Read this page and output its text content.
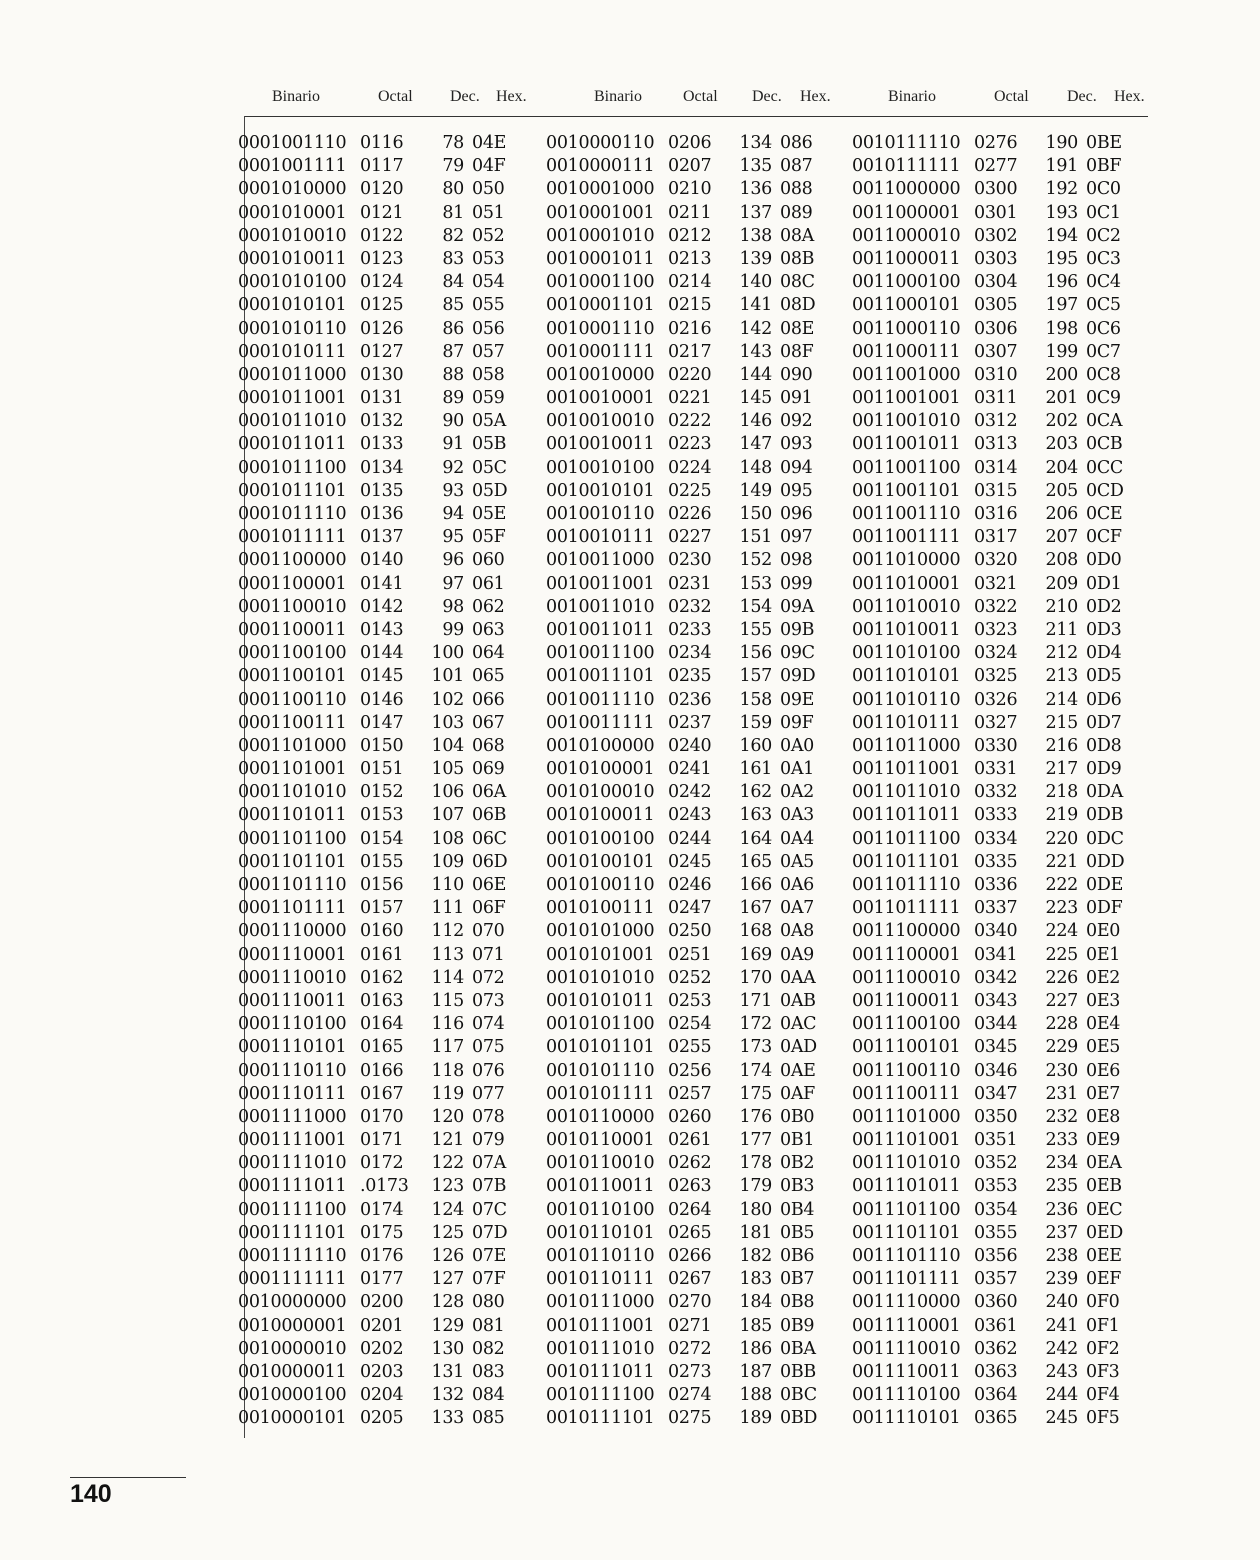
Binario	Octal Dec. Hex.	Binario	Octal Dec. Hex.	Binario	Octal Dec. Hex.
0001001110 0116 78 04E
0001001111 0117 79 04F
0001010000 0120 80 050
0001010001 0121 81 051
0001010010 0122 82 052
0001010011 0123 83 053
0001010100 0124 84 054
0001010101 0125 85 055
0001010110 0126 86 056
0001010111 0127 87 057
0001011000 0130 88 058
0001011001 0131 89 059
0001011010 0132 90 05A
0001011011 0133 91 05B
0001011100 0134 92 05C
0001011101 0135 93 05D
0001011110 0136 94 05E
0001011111 0137 95 05F
0001100000 0140 96 060
0001100001 0141 97 061
0001100010 0142 98 062
0001100011 0143 99 063
0001100100 0144 100 064
0001100101 0145 101 065
0001100110 0146 102 066
0001100111 0147 103 067
0001101000 0150 104 068
0001101001 0151 105 069
0001101010 0152 106 06A
0001101011 0153 107 06B
0001101100 0154 108 06C
0001101101 0155 109 06D
0001101110 0156 110 06E
0001101111 0157 111 06F
0001110000 0160 112 070
0001110001 0161 113 071
0001110010 0162 114 072
0001110011 0163 115 073
0001110100 0164 116 074
0001110101 0165 117 075
0001110110 0166 118 076
0001110111 0167 119 077
0001111000 0170 120 078
0001111001 0171 121 079
0001111010 0172 122 07A
0001111011 .0173 123 07B
0001111100 0174 124 07C
0001111101 0175 125 07D
0001111110 0176 126 07E
0001111111 0177 127 07F
0010000000 0200 128 080
0010000001 0201 129 081
0010000010 0202 130 082
0010000011 0203 131 083
0010000100 0204 132 084
0010000101 0205 133 085
0010000110 0206 134 086
0010000111 0207 135 087
0010001000 0210 136 088
0010001001 0211 137 089
0010001010 0212 138 08A
0010001011 0213 139 08B
0010001100 0214 140 08C
0010001101 0215 141 08D
0010001110 0216 142 08E
0010001111 0217 143 08F
0010010000 0220 144 090
0010010001 0221 145 091
0010010010 0222 146 092
0010010011 0223 147 093
0010010100 0224 148 094
0010010101 0225 149 095
0010010110 0226 150 096
0010010111 0227 151 097
0010011000 0230 152 098
0010011001 0231 153 099
0010011010 0232 154 09A
0010011011 0233 155 09B
0010011100 0234 156 09C
0010011101 0235 157 09D
0010011110 0236 158 09E
0010011111 0237 159 09F
0010100000 0240 160 0A0
0010100001 0241 161 0A1
0010100010 0242 162 0A2
0010100011 0243 163 0A3
0010100100 0244 164 0A4
0010100101 0245 165 0A5
0010100110 0246 166 0A6
0010100111 0247 167 0A7
0010101000 0250 168 0A8
0010101001 0251 169 0A9
0010101010 0252 170 0AA
0010101011 0253 171 0AB
0010101100 0254 172 0AC
0010101101 0255 173 0AD
0010101110 0256 174 0AE
0010101111 0257 175 0AF
0010110000 0260 176 0B0
0010110001 0261 177 0B1
0010110010 0262 178 0B2
0010110011 0263 179 0B3
0010110100 0264 180 0B4
0010110101 0265 181 0B5
0010110110 0266 182 0B6
0010110111 0267 183 0B7
0010111000 0270 184 0B8
0010111001 0271 185 0B9
0010111010 0272 186 0BA
0010111011 0273 187 0BB
0010111100 0274 188 0BC
0010111101 0275 189 0BD
0010111110 0276 190 0BE
0010111111 0277 191 0BF
0011000000 0300 192 0C0
0011000001 0301 193 0C1
0011000010 0302 194 0C2
0011000011 0303 195 0C3
0011000100 0304 196 0C4
0011000101 0305 197 0C5
0011000110 0306 198 0C6
0011000111 0307 199 0C7
0011001000 0310 200 0C8
0011001001 0311 201 0C9
0011001010 0312 202 0CA
0011001011 0313 203 0CB
0011001100 0314 204 0CC
0011001101 0315 205 0CD
0011001110 0316 206 0CE
0011001111 0317 207 0CF
0011010000 0320 208 0D0
0011010001 0321 209 0D1
0011010010 0322 210 0D2
0011010011 0323 211 0D3
0011010100 0324 212 0D4
0011010101 0325 213 0D5
0011010110 0326 214 0D6
0011010111 0327 215 0D7
0011011000 0330 216 0D8
0011011001 0331 217 0D9
0011011010 0332 218 0DA
0011011011 0333 219 0DB
0011011100 0334 220 0DC
0011011101 0335 221 0DD
0011011110 0336 222 0DE
0011011111 0337 223 0DF
0011100000 0340 224 0E0
0011100001 0341 225 0E1
0011100010 0342 226 0E2
0011100011 0343 227 0E3
0011100100 0344 228 0E4
0011100101 0345 229 0E5
0011100110 0346 230 0E6
0011100111 0347 231 0E7
0011101000 0350 232 0E8
0011101001 0351 233 0E9
0011101010 0352 234 0EA
0011101011 0353 235 0EB
0011101100 0354 236 0EC
0011101101 0355 237 0ED
0011101110 0356 238 0EE
0011101111 0357 239 0EF
0011110000 0360 240 0F0
0011110001 0361 241 0F1
0011110010 0362 242 0F2
0011110011 0363 243 0F3
0011110100 0364 244 0F4
0011110101 0365 245 0F5
140
